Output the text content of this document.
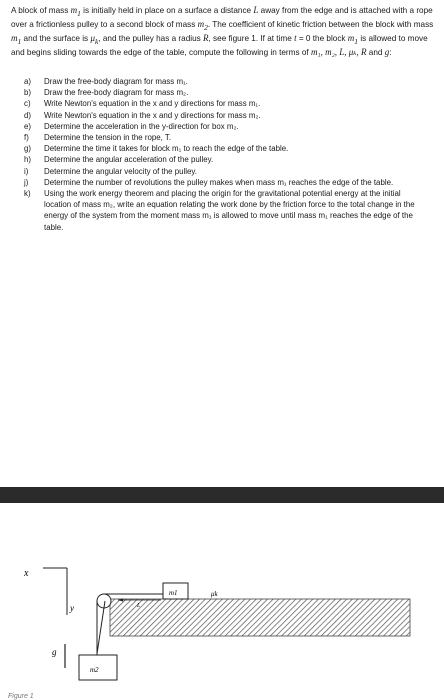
A block of mass $m_1$ is initially held in place on a surface a distance L away from the edge and is attached with a rope over a frictionless pulley to a second block of mass $m_2$. The coefficient of kinetic friction between the block with mass $m_1$ and the surface is $\mu_k$, and the pulley has a radius R, see figure 1. If at time t = 0 the block $m_1$ is allowed to move and begins sliding towards the edge of the table, compute the following in terms of m₁, m₂, L, μₖ, R and g:

a)	Draw the free-body diagram for mass m₁.
b)	Draw the free-body diagram for mass m₂.
c)	Write Newton's equation in the x and y directions for mass m₁.
d)	Write Newton's equation in the x and y directions for mass m₂.
e)	Determine the acceleration in the y-direction for box m₂.
f)	Determine the tension in the rope, T.
g)	Determine the time it takes for block m₁ to reach the edge of the table.
h)	Determine the angular acceleration of the pulley.
i)	Determine the angular velocity of the pulley.
j)	Determine the number of revolutions the pulley makes when mass m₁ reaches the edge of the table.
k)	Using the work energy theorem and placing the origin for the gravitational potential energy at the initial location of mass m₂, write an equation relating the work done by the friction force to the total change in the energy of the system from the moment mass m₁ is allowed to move until mass m₁ reaches the edge of the table.
x
y
g
m1
L
μk
m2
Figure 1
